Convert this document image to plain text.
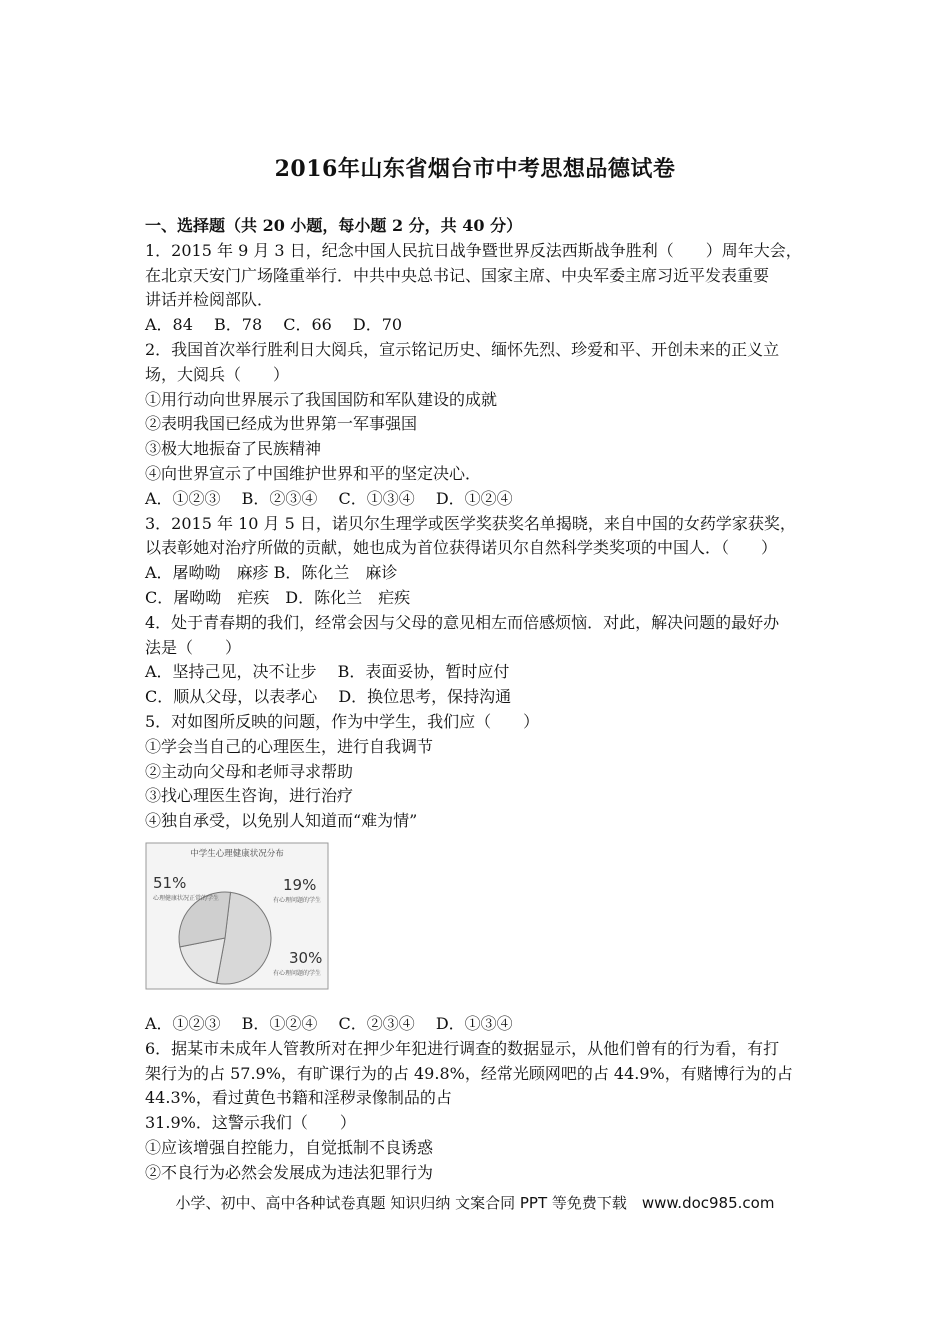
2016年山东省烟台市中考思想品德试卷
一、选择题（共 20 小题，每小题 2 分，共 40 分）
1．2015 年 9 月 3 日，纪念中国人民抗日战争暨世界反法西斯战争胜利（　　）周年大会，
在北京天安门广场隆重举行．中共中央总书记、国家主席、中央军委主席习近平发表重要
讲话并检阅部队．
A．84　 B．78　 C．66　 D．70
2．我国首次举行胜利日大阅兵，宣示铭记历史、缅怀先烈、珍爱和平、开创未来的正义立
场，大阅兵（　　）
①用行动向世界展示了我国国防和军队建设的成就
②表明我国已经成为世界第一军事强国
③极大地振奋了民族精神
④向世界宣示了中国维护世界和平的坚定决心．
A．①②③　 B．②③④　 C．①③④　 D．①②④
3．2015 年 10 月 5 日，诺贝尔生理学或医学奖获奖名单揭晓，来自中国的女药学家获奖，
以表彰她对治疗所做的贡献，她也成为首位获得诺贝尔自然科学类奖项的中国人．（　　）
A．屠呦呦　麻疹 B．陈化兰　麻诊
C．屠呦呦　疟疾　D．陈化兰　疟疾
4．处于青春期的我们，经常会因与父母的意见相左而倍感烦恼．对此，解决问题的最好办
法是（　　）
A．坚持己见，决不让步　 B．表面妥协，暂时应付
C．顺从父母，以表孝心　 D．换位思考，保持沟通
5．对如图所反映的问题，作为中学生，我们应（　　）
①学会当自己的心理医生，进行自我调节
②主动向父母和老师寻求帮助
③找心理医生咨询，进行治疗
④独自承受，以免别人知道而“难为情”
中学生心理健康状况分布
51%
心理健康状况正常的学生
19%
有心理问题的学生
30%
有心理问题的学生
A．①②③　 B．①②④　 C．②③④　 D．①③④
6．据某市未成年人管教所对在押少年犯进行调查的数据显示，从他们曾有的行为看，有打
架行为的占 57.9%，有旷课行为的占 49.8%，经常光顾网吧的占 44.9%，有赌博行为的占
44.3%，看过黄色书籍和淫秽录像制品的占
31.9%．这警示我们（　　）
①应该增强自控能力，自觉抵制不良诱惑
②不良行为必然会发展成为违法犯罪行为
小学、初中、高中各种试卷真题 知识归纳 文案合同 PPT 等免费下载　www.doc985.com
